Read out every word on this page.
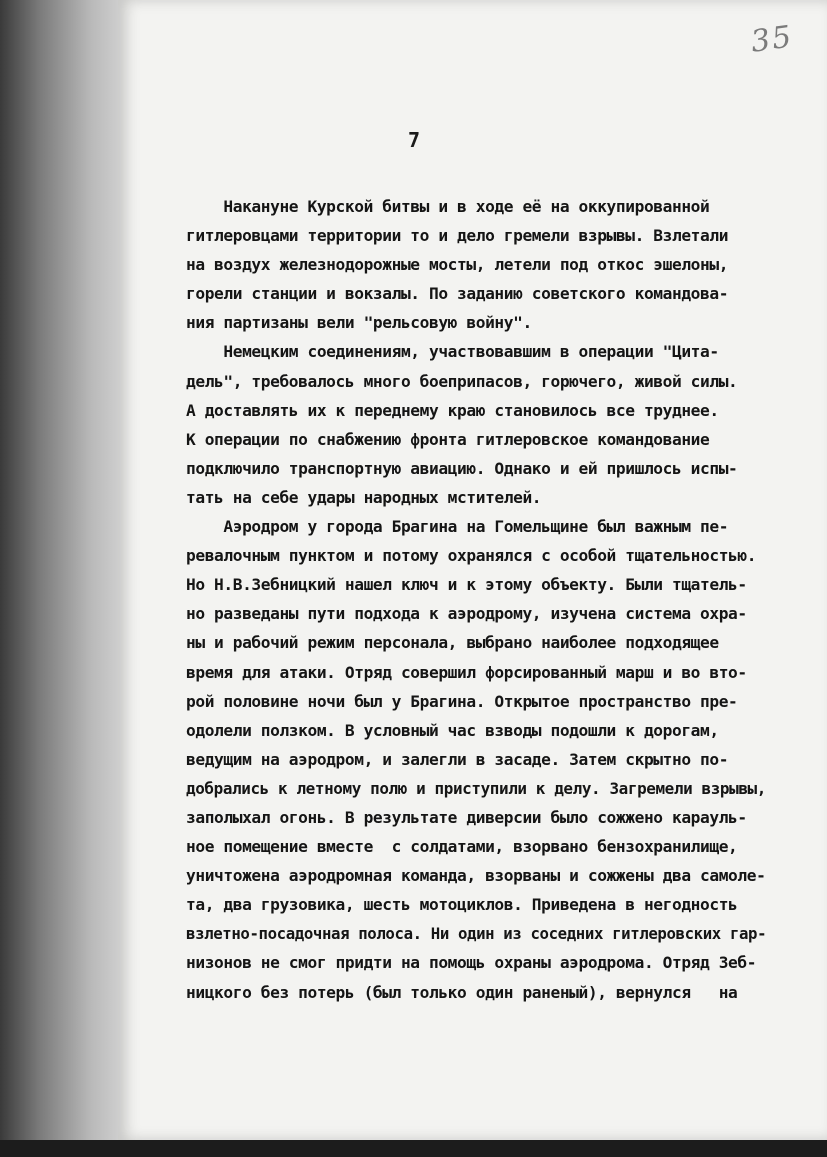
35
7
Накануне Курской битвы и в ходе её на оккупированной
гитлеровцами территории то и дело гремели взрывы. Взлетали
на воздух железнодорожные мосты, летели под откос эшелоны,
горели станции и вокзалы. По заданию советского командова-
ния партизаны вели "рельсовую войну".
Немецким соединениям, участвовавшим в операции "Цита-
дель", требовалось много боеприпасов, горючего, живой силы.
А доставлять их к переднему краю становилось все труднее.
К операции по снабжению фронта гитлеровское командование
подключило транспортную авиацию. Однако и ей пришлось испы-
тать на себе удары народных мстителей.
Аэродром у города Брагина на Гомельщине был важным пе-
ревалочным пунктом и потому охранялся с особой тщательностью.
Но Н.В.Зебницкий нашел ключ и к этому объекту. Были тщатель-
но разведаны пути подхода к аэродрому, изучена система охра-
ны и рабочий режим персонала, выбрано наиболее подходящее
время для атаки. Отряд совершил форсированный марш и во вто-
рой половине ночи был у Брагина. Открытое пространство пре-
одолели ползком. В условный час взводы подошли к дорогам,
ведущим на аэродром, и залегли в засаде. Затем скрытно по-
добрались к летному полю и приступили к делу. Загремели взрывы,
заполыхал огонь. В результате диверсии было сожжено карауль-
ное помещение вместе  с солдатами, взорвано бензохранилище,
уничтожена аэродромная команда, взорваны и сожжены два самоле-
та, два грузовика, шесть мотоциклов. Приведена в негодность
взлетно-посадочная полоса. Ни один из соседних гитлеровских гар-
низонов не смог придти на помощь охраны аэродрома. Отряд Зеб-
ницкого без потерь (был только один раненый), вернулся   на
